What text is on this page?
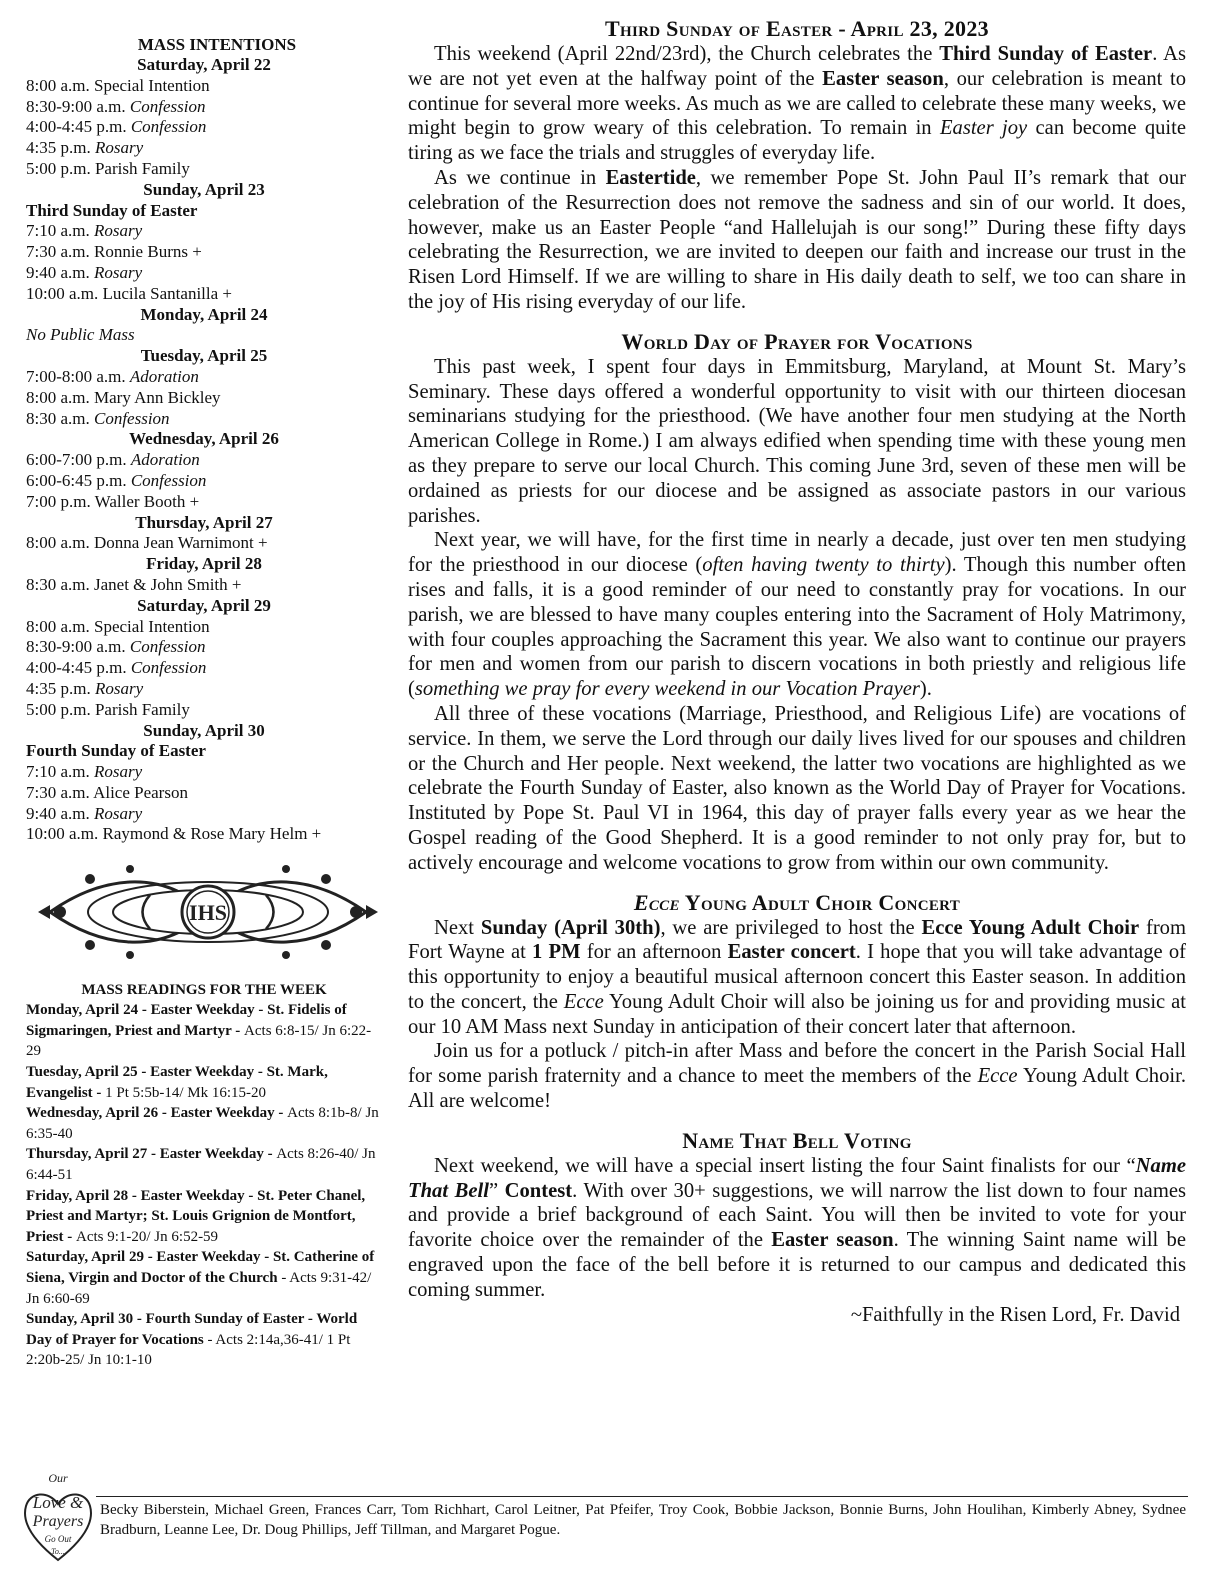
MASS INTENTIONS
Saturday, April 22
8:00 a.m. Special Intention
8:30-9:00 a.m. Confession
4:00-4:45 p.m. Confession
4:35 p.m. Rosary
5:00 p.m. Parish Family
Sunday, April 23
Third Sunday of Easter
7:10 a.m. Rosary
7:30 a.m. Ronnie Burns +
9:40 a.m. Rosary
10:00 a.m. Lucila Santanilla +
Monday, April 24
No Public Mass
Tuesday, April 25
7:00-8:00 a.m. Adoration
8:00 a.m. Mary Ann Bickley
8:30 a.m. Confession
Wednesday, April 26
6:00-7:00 p.m. Adoration
6:00-6:45 p.m. Confession
7:00 p.m. Waller Booth +
Thursday, April 27
8:00 a.m. Donna Jean Warnimont +
Friday, April 28
8:30 a.m. Janet & John Smith +
Saturday, April 29
8:00 a.m. Special Intention
8:30-9:00 a.m. Confession
4:00-4:45 p.m. Confession
4:35 p.m. Rosary
5:00 p.m. Parish Family
Sunday, April 30
Fourth Sunday of Easter
7:10 a.m. Rosary
7:30 a.m. Alice Pearson
9:40 a.m. Rosary
10:00 a.m. Raymond & Rose Mary Helm +
IHS
MASS READINGS FOR THE WEEK
Monday, April 24 - Easter Weekday - St. Fidelis of Sigmaringen, Priest and Martyr - Acts 6:8-15/ Jn 6:22-29
Tuesday, April 25 - Easter Weekday - St. Mark, Evangelist - 1 Pt 5:5b-14/ Mk 16:15-20
Wednesday, April 26 - Easter Weekday - Acts 8:1b-8/ Jn 6:35-40
Thursday, April 27 - Easter Weekday - Acts 8:26-40/ Jn 6:44-51
Friday, April 28 - Easter Weekday - St. Peter Chanel, Priest and Martyr; St. Louis Grignion de Montfort, Priest - Acts 9:1-20/ Jn 6:52-59
Saturday, April 29 - Easter Weekday - St. Catherine of Siena, Virgin and Doctor of the Church - Acts 9:31-42/ Jn 6:60-69
Sunday, April 30 - Fourth Sunday of Easter - World Day of Prayer for Vocations - Acts 2:14a,36-41/ 1 Pt 2:20b-25/ Jn 10:1-10
Third Sunday of Easter - April 23, 2023

This weekend (April 22nd/23rd), the Church celebrates the Third Sunday of Easter. As we are not yet even at the halfway point of the Easter season, our celebration is meant to continue for several more weeks. As much as we are called to celebrate these many weeks, we might begin to grow weary of this celebration. To remain in Easter joy can become quite tiring as we face the trials and struggles of everyday life.

As we continue in Eastertide, we remember Pope St. John Paul II’s remark that our celebration of the Resurrection does not remove the sadness and sin of our world. It does, however, make us an Easter People “and Hallelujah is our song!” During these fifty days celebrating the Resurrection, we are invited to deepen our faith and increase our trust in the Risen Lord Himself. If we are willing to share in His daily death to self, we too can share in the joy of His rising everyday of our life.

World Day of Prayer for Vocations

This past week, I spent four days in Emmitsburg, Maryland, at Mount St. Mary’s Seminary. These days offered a wonderful opportunity to visit with our thirteen diocesan seminarians studying for the priesthood. (We have another four men studying at the North American College in Rome.) I am always edified when spending time with these young men as they prepare to serve our local Church. This coming June 3rd, seven of these men will be ordained as priests for our diocese and be assigned as associate pastors in our various parishes.

Next year, we will have, for the first time in nearly a decade, just over ten men studying for the priesthood in our diocese (often having twenty to thirty). Though this number often rises and falls, it is a good reminder of our need to constantly pray for vocations. In our parish, we are blessed to have many couples entering into the Sacrament of Holy Matrimony, with four couples approaching the Sacrament this year. We also want to continue our prayers for men and women from our parish to discern vocations in both priestly and religious life (something we pray for every weekend in our Vocation Prayer).

All three of these vocations (Marriage, Priesthood, and Religious Life) are vocations of service. In them, we serve the Lord through our daily lives lived for our spouses and children or the Church and Her people. Next weekend, the latter two vocations are highlighted as we celebrate the Fourth Sunday of Easter, also known as the World Day of Prayer for Vocations. Instituted by Pope St. Paul VI in 1964, this day of prayer falls every year as we hear the Gospel reading of the Good Shepherd. It is a good reminder to not only pray for, but to actively encourage and welcome vocations to grow from within our own community.

Ecce Young Adult Choir Concert

Next Sunday (April 30th), we are privileged to host the Ecce Young Adult Choir from Fort Wayne at 1 PM for an afternoon Easter concert. I hope that you will take advantage of this opportunity to enjoy a beautiful musical afternoon concert this Easter season. In addition to the concert, the Ecce Young Adult Choir will also be joining us for and providing music at our 10 AM Mass next Sunday in anticipation of their concert later that afternoon.

Join us for a potluck / pitch-in after Mass and before the concert in the Parish Social Hall for some parish fraternity and a chance to meet the members of the Ecce Young Adult Choir. All are welcome!

Name That Bell Voting

Next weekend, we will have a special insert listing the four Saint finalists for our “Name That Bell” Contest. With over 30+ suggestions, we will narrow the list down to four names and provide a brief background of each Saint. You will then be invited to vote for your favorite choice over the remainder of the Easter season. The winning Saint name will be engraved upon the face of the bell before it is returned to our campus and dedicated this coming summer.

~Faithfully in the Risen Lord, Fr. David
Our Love & Prayers Go Out To...
Becky Biberstein, Michael Green, Frances Carr, Tom Richhart, Carol Leitner, Pat Pfeifer, Troy Cook, Bobbie Jackson, Bonnie Burns, John Houlihan, Kimberly Abney, Sydnee Bradburn, Leanne Lee, Dr. Doug Phillips, Jeff Tillman, and Margaret Pogue.
